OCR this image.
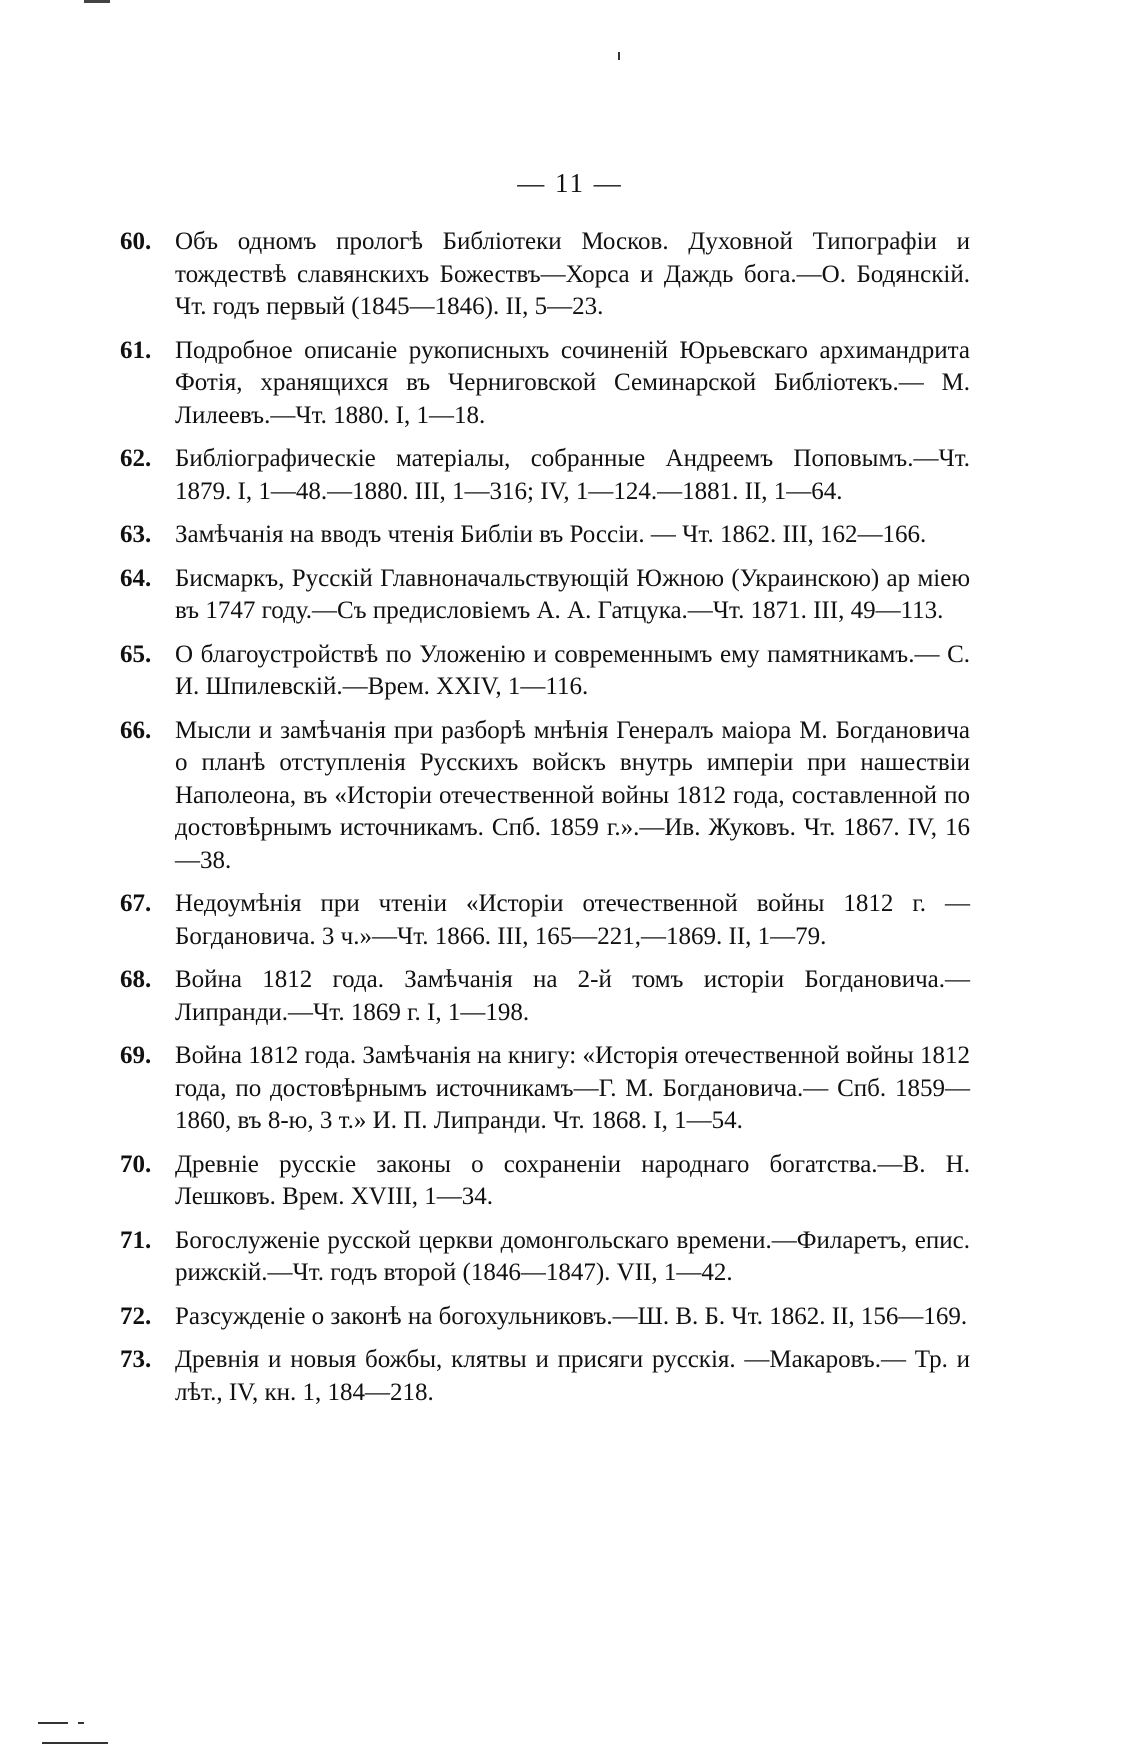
— 11 —
60. Объ одномъ прологѣ Библіотеки Москов. Духовной Типографіи и тождествѣ славянскихъ Божествъ—Хорса и Даждь бога.—О. Бодянскій. Чт. годъ первый (1845—1846). II, 5—23.
61. Подробное описаніе рукописныхъ сочиненій Юрьевскаго архимандрита Фотія, хранящихся въ Черниговской Семинарской Библіотекъ.— М. Лилеевъ.—Чт. 1880. I, 1—18.
62. Библіографическіе матеріалы, собранные Андреемъ Поповымъ.—Чт. 1879. I, 1—48.—1880. III, 1—316; IV, 1—124.—1881. II, 1—64.
63. Замѣчанія на вводъ чтенія Библіи въ Россіи. — Чт. 1862. III, 162—166.
64. Бисмаркъ, Русскій Главноначальствующій Южною (Украинскою) ар міею въ 1747 году.—Съ предисловіемъ А. А. Гатцука.—Чт. 1871. III, 49—113.
65. О благоустройствѣ по Уложенію и современнымъ ему памятникамъ.— С. И. Шпилевскій.—Врем. XXIV, 1—116.
66. Мысли и замѣчанія при разборѣ мнѣнія Генералъ маіора М. Богдановича о планѣ отступленія Русскихъ войскъ внутрь имперіи при нашествіи Наполеона, въ «Исторіи отечественной войны 1812 года, составленной по достовѣрнымъ источникамъ. Спб. 1859 г.».—Ив. Жуковъ. Чт. 1867. IV, 16—38.
67. Недоумѣнія при чтеніи «Исторіи отечественной войны 1812 г. — Богдановича. 3 ч.»—Чт. 1866. III, 165—221,—1869. II, 1—79.
68. Война 1812 года. Замѣчанія на 2-й томъ исторіи Богдановича.— Липранди.—Чт. 1869 г. I, 1—198.
69. Война 1812 года. Замѣчанія на книгу: «Исторія отечественной войны 1812 года, по достовѣрнымъ источникамъ—Г. М. Богдановича.— Спб. 1859—1860, въ 8-ю, 3 т.» И. П. Липранди. Чт. 1868. I, 1—54.
70. Древніе русскіе законы о сохраненіи народнаго богатства.—В. Н. Лешковъ. Врем. XVIII, 1—34.
71. Богослуженіе русской церкви домонгольскаго времени.—Филаретъ, епис. рижскій.—Чт. годъ второй (1846—1847). VII, 1—42.
72. Разсужденіе о законѣ на богохульниковъ.—Ш. В. Б. Чт. 1862. II, 156—169.
73. Древнія и новыя божбы, клятвы и присяги русскія. —Макаровъ.— Тр. и лѣт., IV, кн. 1, 184—218.
